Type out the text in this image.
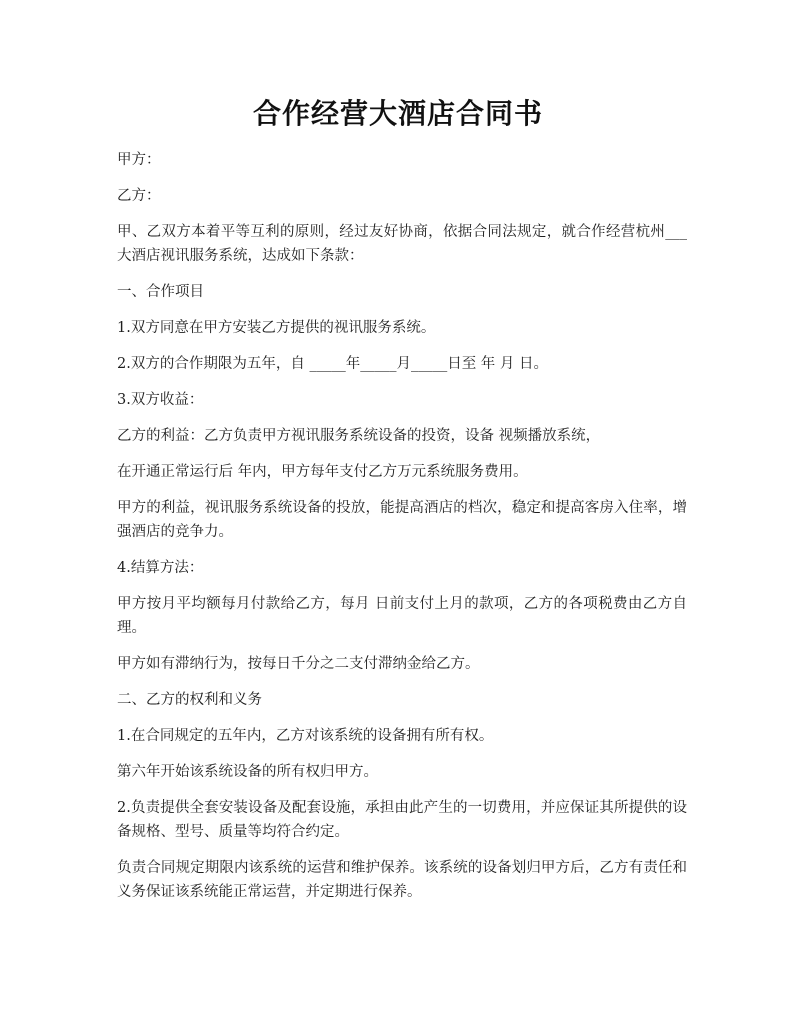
合作经营大酒店合同书

甲方：

乙方：

甲、乙双方本着平等互利的原则，经过友好协商，依据合同法规定，就合作经营杭州___大酒店视讯服务系统，达成如下条款：

一、合作项目

1.双方同意在甲方安装乙方提供的视讯服务系统。

2.双方的合作期限为五年，自 _____年_____月_____日至 年 月 日。

3.双方收益：

乙方的利益：乙方负责甲方视讯服务系统设备的投资，设备 视频播放系统，

在开通正常运行后 年内，甲方每年支付乙方万元系统服务费用。

甲方的利益，视讯服务系统设备的投放，能提高酒店的档次，稳定和提高客房入住率，增强酒店的竞争力。

4.结算方法：

甲方按月平均额每月付款给乙方，每月 日前支付上月的款项，乙方的各项税费由乙方自理。

甲方如有滞纳行为，按每日千分之二支付滞纳金给乙方。

二、乙方的权利和义务

1.在合同规定的五年内，乙方对该系统的设备拥有所有权。

第六年开始该系统设备的所有权归甲方。

2.负责提供全套安装设备及配套设施，承担由此产生的一切费用，并应保证其所提供的设备规格、型号、质量等均符合约定。

负责合同规定期限内该系统的运营和维护保养。该系统的设备划归甲方后，乙方有责任和义务保证该系统能正常运营，并定期进行保养。
